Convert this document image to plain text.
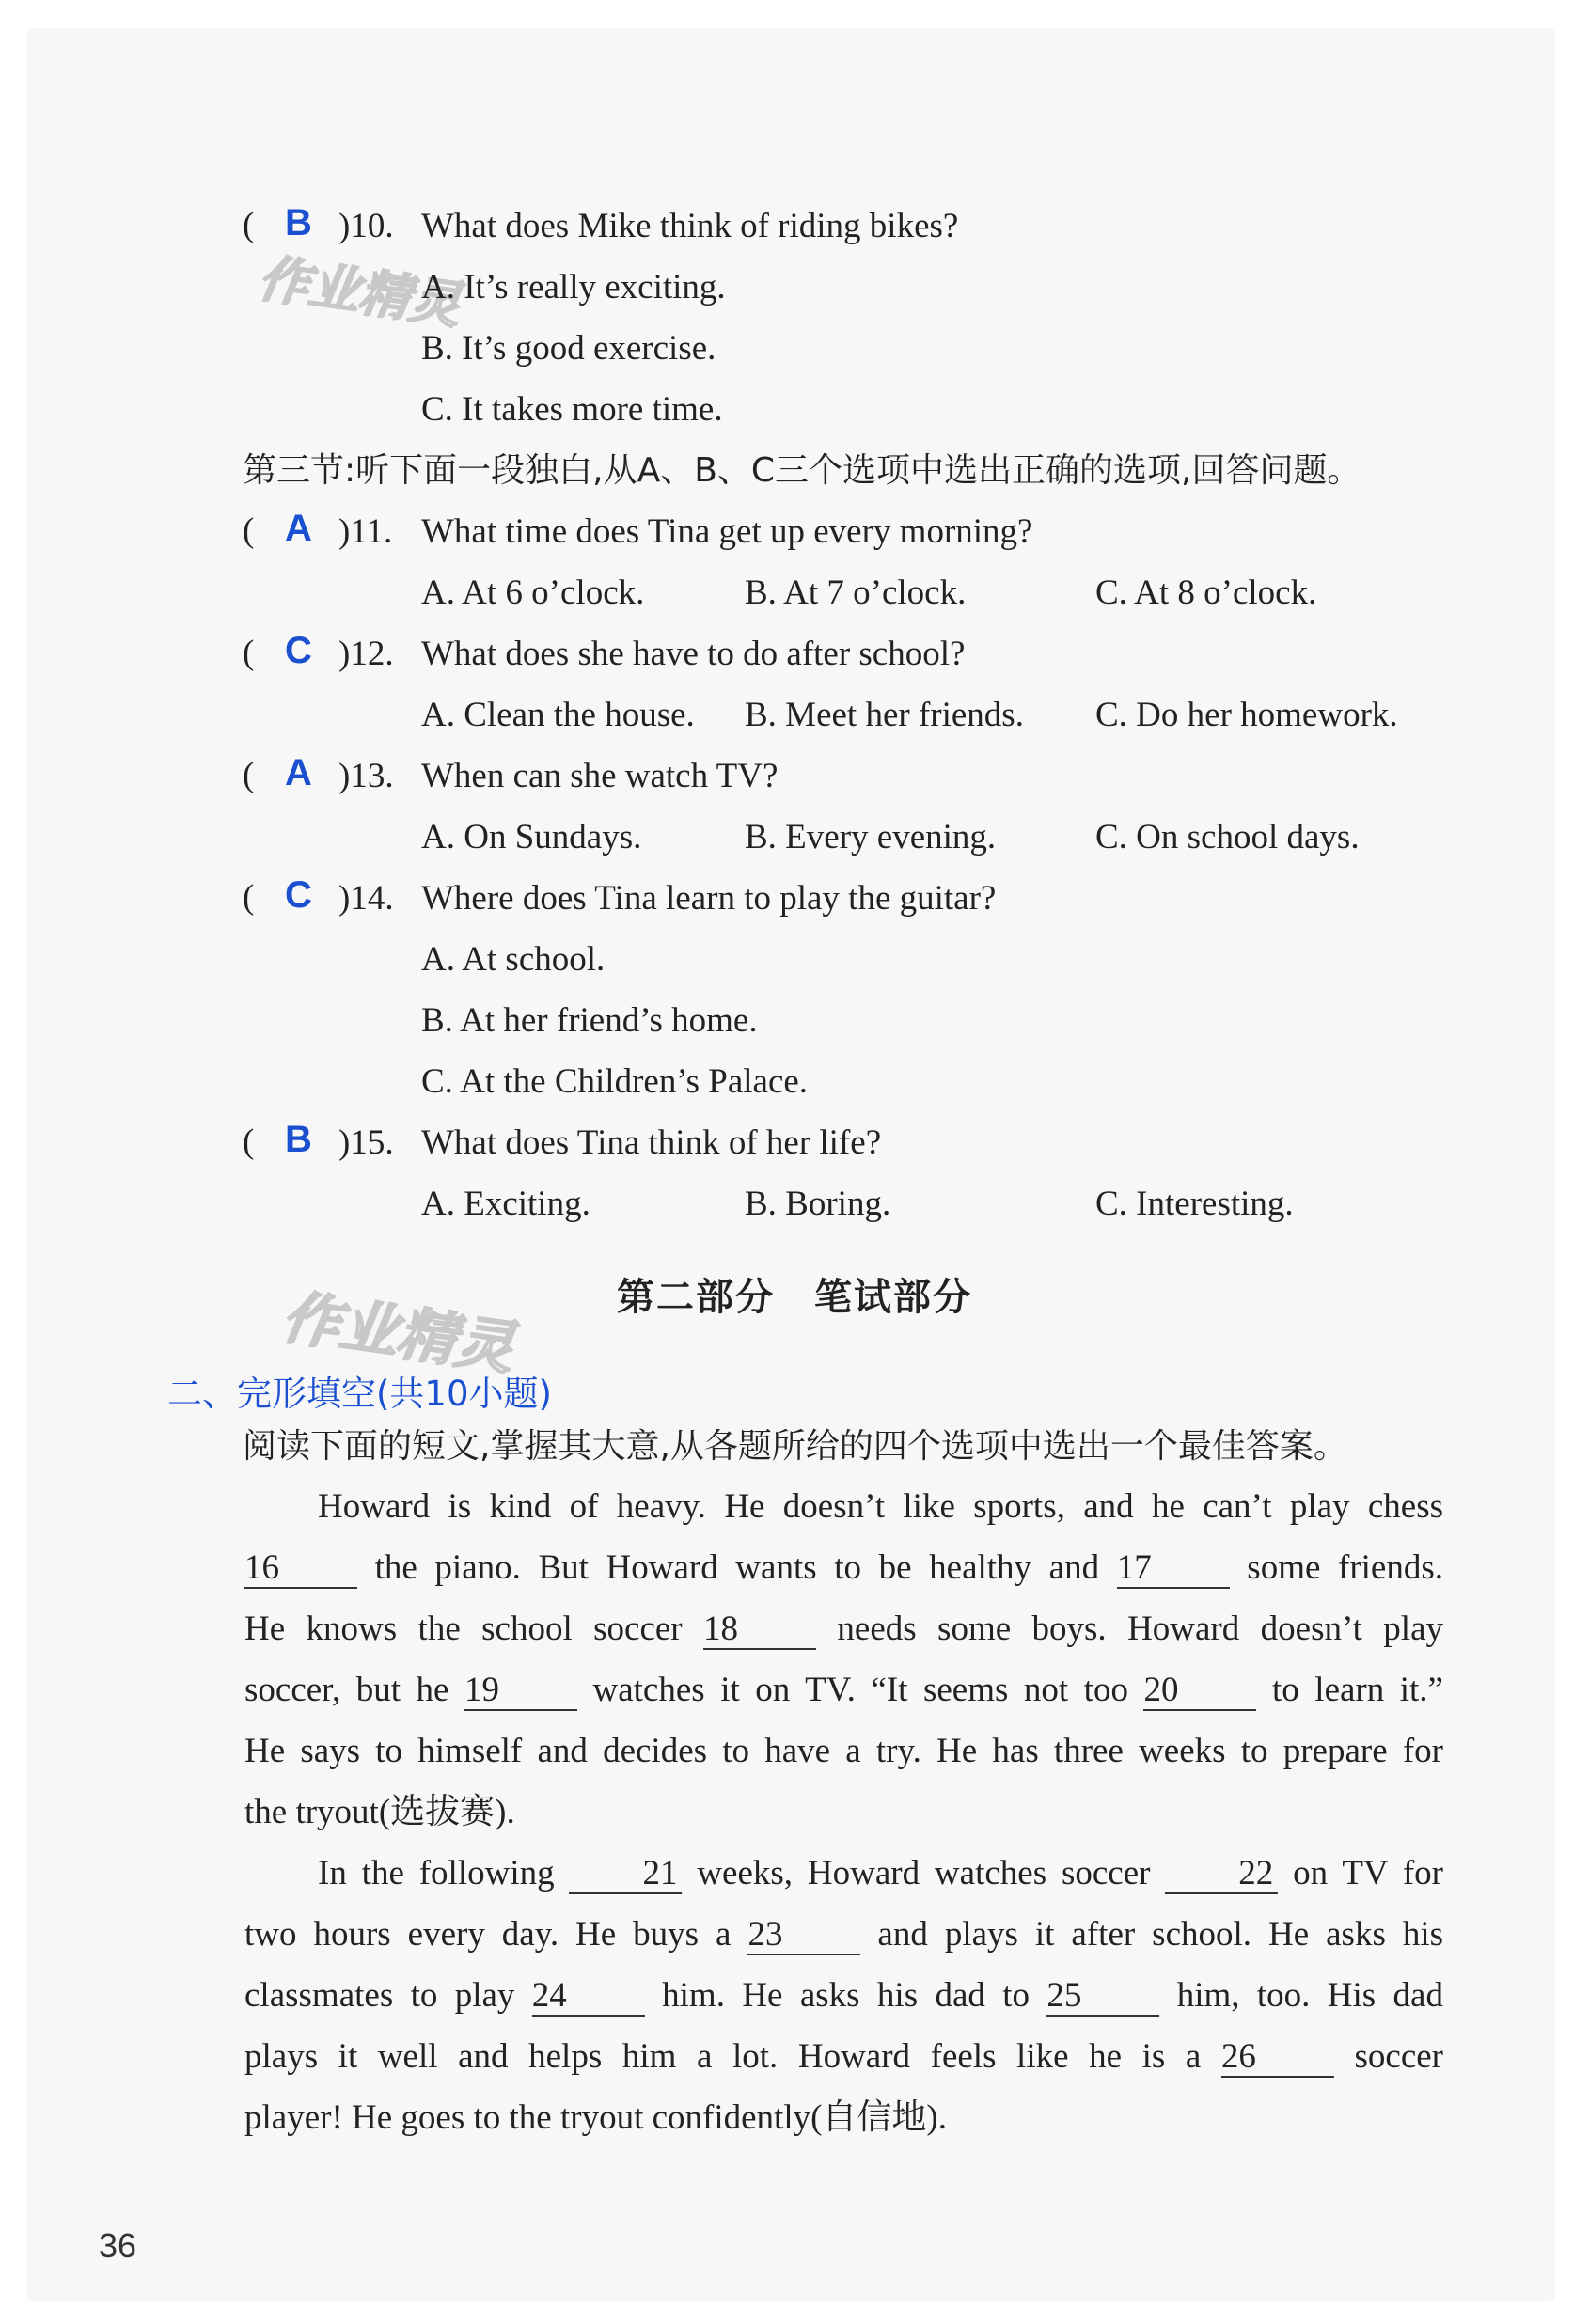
作业精灵
作业精灵
( B )10. What does Mike think of riding bikes?
A. It’s really exciting.
B. It’s good exercise.
C. It takes more time.
第三节:听下面一段独白,从A、B、C三个选项中选出正确的选项,回答问题。
( A )11. What time does Tina get up every morning?
A. At 6 o’clock.	B. At 7 o’clock.	C. At 8 o’clock.
( C )12. What does she have to do after school?
A. Clean the house. B. Meet her friends. C. Do her homework.
( A )13. When can she watch TV?
A. On Sundays.	B. Every evening.	C. On school days.
( C )14. Where does Tina learn to play the guitar?
A. At school.
B. At her friend’s home.
C. At the Children’s Palace.
( B )15. What does Tina think of her life?
A. Exciting.	B. Boring.	C. Interesting.
第二部分　笔试部分
二、完形填空(共10小题)
阅读下面的短文,掌握其大意,从各题所给的四个选项中选出一个最佳答案。
Howard is kind of heavy. He doesn’t like sports, and he can’t play chess
16 the piano. But Howard wants to be healthy and 17 some friends.
He knows the school soccer 18 needs some boys. Howard doesn’t play
soccer, but he 19 watches it on TV. “It seems not too 20 to learn it.”
He says to himself and decides to have a try. He has three weeks to prepare for
the tryout(选拔赛).
In the following 21 weeks, Howard watches soccer 22 on TV for
two hours every day. He buys a 23 and plays it after school. He asks his
classmates to play 24 him. He asks his dad to 25 him, too. His dad
plays it well and helps him a lot. Howard feels like he is a 26 soccer
player! He goes to the tryout confidently(自信地).
36
